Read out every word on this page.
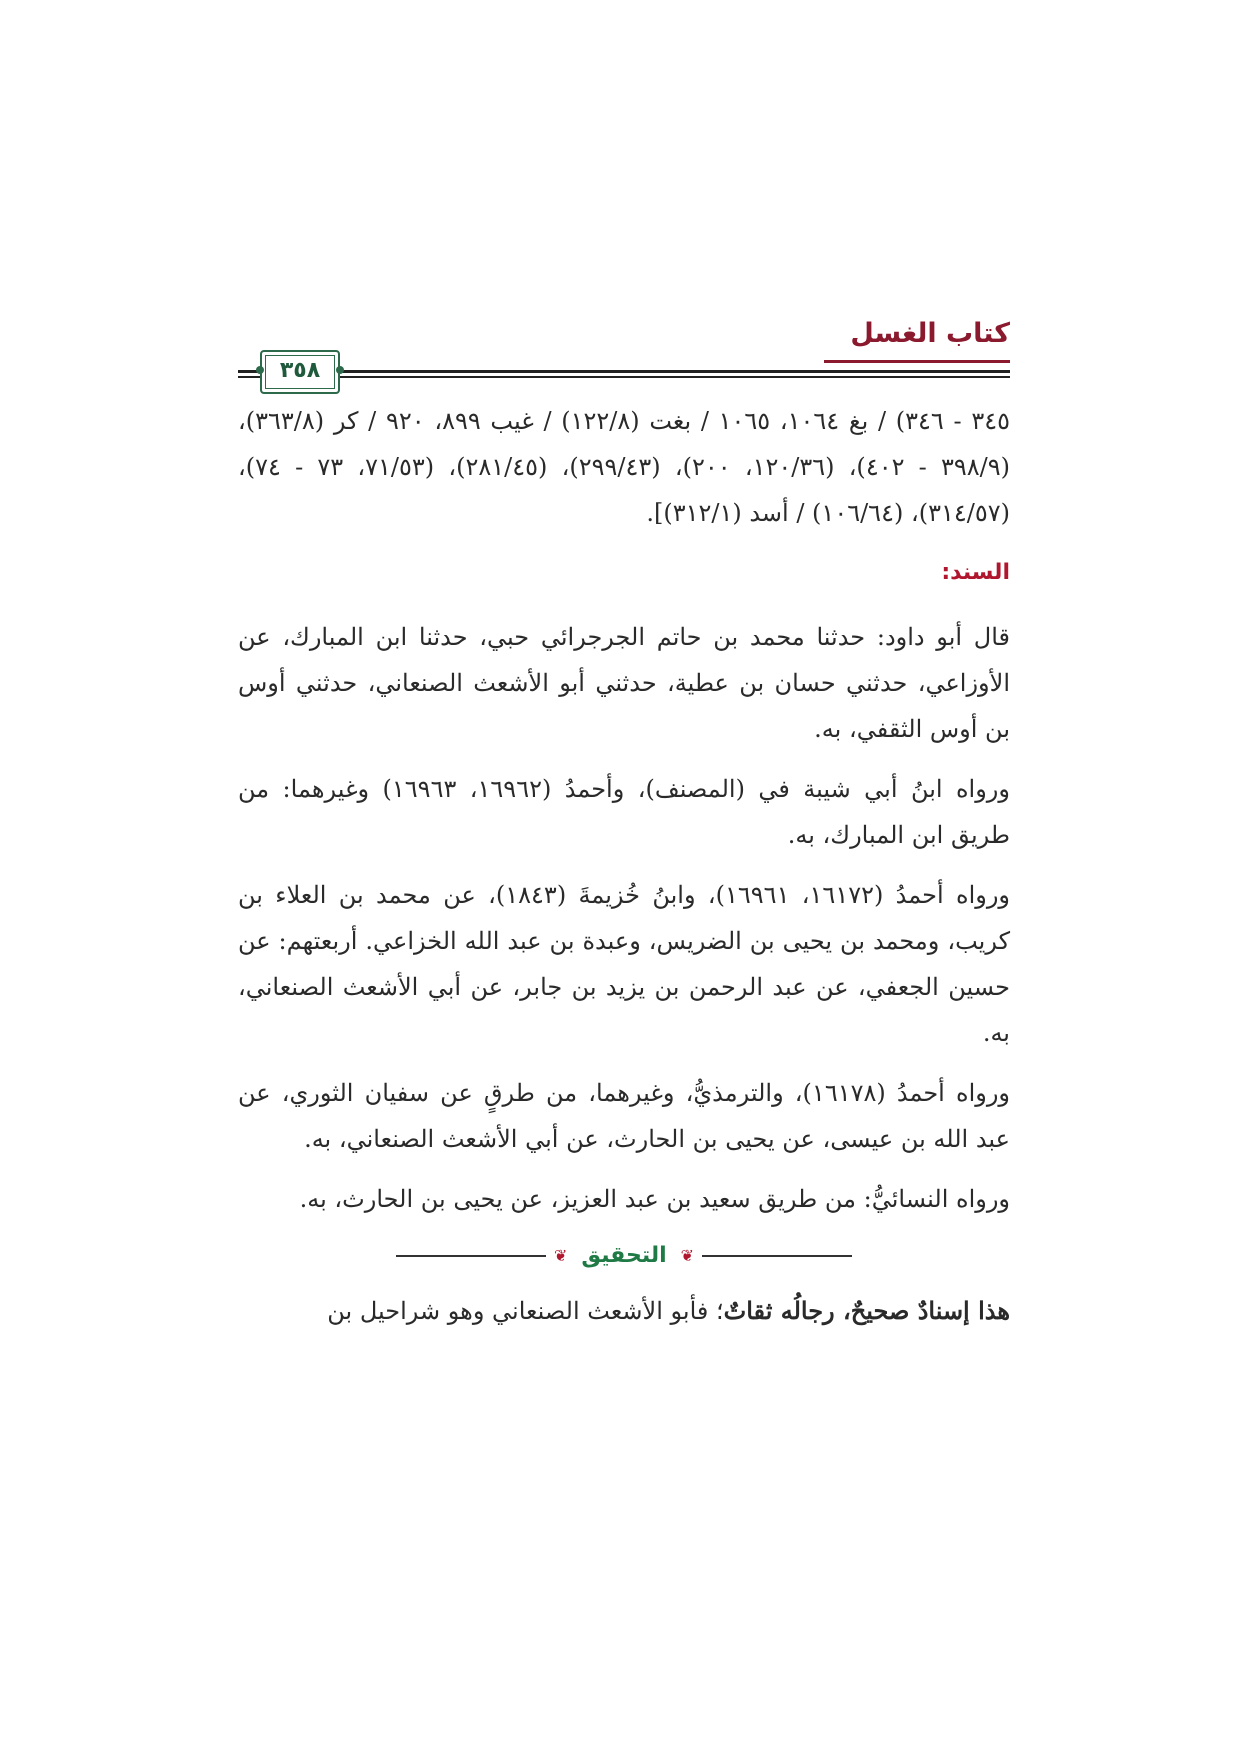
كتاب الغسل
٣٥٨

٣٤٥ - ٣٤٦) / بغ ١٠٦٤، ١٠٦٥ / بغت (١٢٢/٨) / غيب ٨٩٩، ٩٢٠ / كر (٣٦٣/٨)، (٣٩٨/٩ - ٤٠٢)، (١٢٠/٣٦، ٢٠٠)، (٢٩٩/٤٣)، (٢٨١/٤٥)، (٧١/٥٣، ٧٣ - ٧٤)، (٣١٤/٥٧)، (١٠٦/٦٤) / أسد (٣١٢/١)].

السند:

قال أبو داود: حدثنا محمد بن حاتم الجرجرائي حبي، حدثنا ابن المبارك، عن الأوزاعي، حدثني حسان بن عطية، حدثني أبو الأشعث الصنعاني، حدثني أوس بن أوس الثقفي، به.

ورواه ابنُ أبي شيبة في (المصنف)، وأحمدُ (١٦٩٦٢، ١٦٩٦٣) وغيرهما: من طريق ابن المبارك، به.

ورواه أحمدُ (١٦١٧٢، ١٦٩٦١)، وابنُ خُزيمةَ (١٨٤٣)، عن محمد بن العلاء بن كريب، ومحمد بن يحيى بن الضريس، وعبدة بن عبد الله الخزاعي. أربعتهم: عن حسين الجعفي، عن عبد الرحمن بن يزيد بن جابر، عن أبي الأشعث الصنعاني، به.

ورواه أحمدُ (١٦١٧٨)، والترمذيُّ، وغيرهما، من طرقٍ عن سفيان الثوري، عن عبد الله بن عيسى، عن يحيى بن الحارث، عن أبي الأشعث الصنعاني، به.

ورواه النسائيُّ: من طريق سعيد بن عبد العزيز، عن يحيى بن الحارث، به.

❦
التحقيق
❦

هذا إسنادٌ صحيحٌ، رجالُه ثقاتٌ؛ فأبو الأشعث الصنعاني وهو شراحيل بن
